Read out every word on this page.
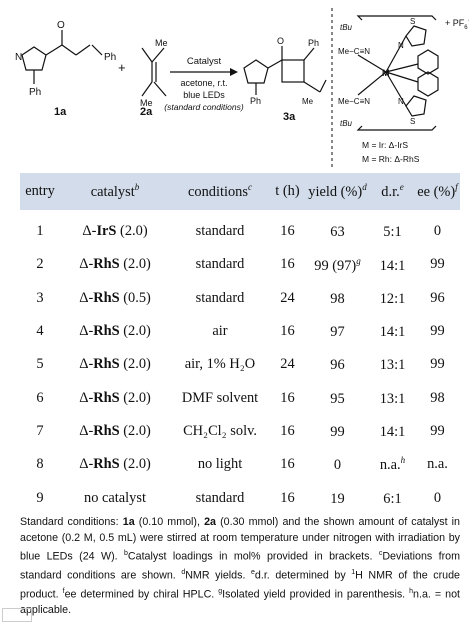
O
Ph
Ph
N
1a
+
Me
Me
2a
Catalyst
acetone, r.t.
blue LEDs
(standard conditions)
O	Ph
Ph	Me
3a
+ $PF_6$
M
tBu
tBu
Me−C≡N
Me−C≡N
S
S
N
N
M = Ir: Δ-IrS
M = Rh: Δ-RhS
entry	catalyst$^b$	conditions$^c$	t (h)	yield (%)$^d$	d.r.$^e$	ee (%)$^f$
1	Δ-IrS (2.0)	standard	16	63	5:1	0
2	Δ-RhS (2.0)	standard	16	99 $(97)^g$	14:1	99
3	Δ-RhS (0.5)	standard	24	98	12:1	96
4	Δ-RhS (2.0)	air	16	97	14:1	99
5	Δ-RhS (2.0)	air, 1% H₂O	24	96	13:1	99
6	Δ-RhS (2.0)	DMF solvent	16	95	13:1	98
7	Δ-RhS (2.0)	CH₂Cl₂ solv.	16	99	14:1	99
8	Δ-RhS (2.0)	no light	16	0	n.a.$^h$	n.a.
9	no catalyst	standard	16	19	6:1	0
Standard conditions: 1a (0.10 mmol), 2a (0.30 mmol) and the shown amount of catalyst in acetone (0.2 M, 0.5 mL) were stirred at room temperature under nitrogen with irradiation by blue LEDs (24 W). $^b$Catalyst loadings in mol% provided in brackets. $^c$Deviations from standard conditions are shown. $^d$NMR yields. $^e$d.r. determined by $^1$H NMR of the crude product. $^f$ee determined by chiral HPLC. $^g$Isolated yield provided in parenthesis. $^h$n.a. = not applicable.
